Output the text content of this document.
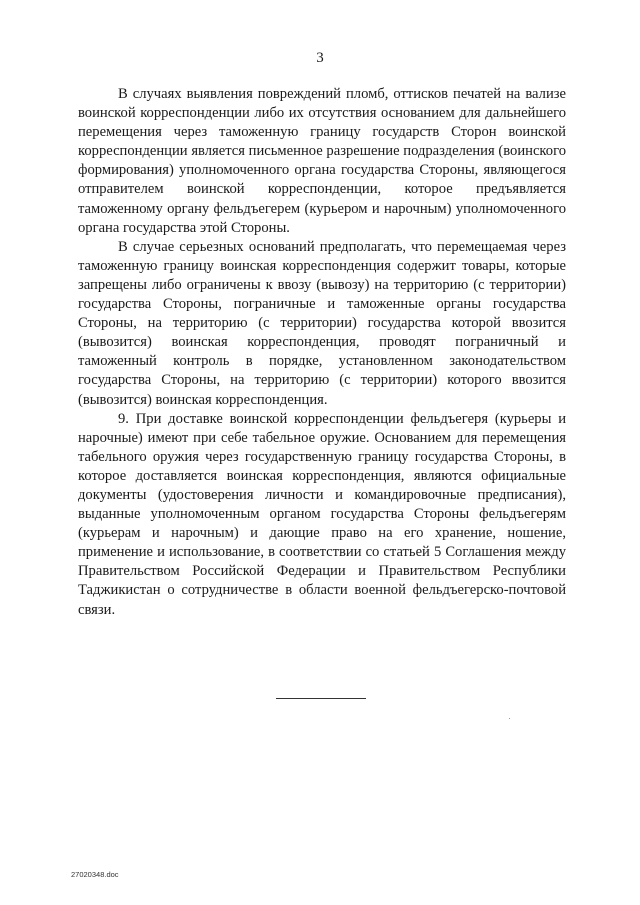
3

В случаях выявления повреждений пломб, оттисков печатей на вализе воинской корреспонденции либо их отсутствия основанием для дальнейшего перемещения через таможенную границу государств Сторон воинской корреспонденции является письменное разрешение подразделения (воинского формирования) уполномоченного органа государства Стороны, являющегося отправителем воинской корреспонденции, которое предъявляется таможенному органу фельдъегерем (курьером и нарочным) уполномоченного органа государства этой Стороны.

В случае серьезных оснований предполагать, что перемещаемая через таможенную границу воинская корреспонденция содержит товары, которые запрещены либо ограничены к ввозу (вывозу) на территорию (с территории) государства Стороны, пограничные и таможенные органы государства Стороны, на территорию (с территории) государства которой ввозится (вывозится) воинская корреспонденция, проводят пограничный и таможенный контроль в порядке, установленном законодательством государства Стороны, на территорию (с территории) которого ввозится (вывозится) воинская корреспонденция.

9. При доставке воинской корреспонденции фельдъегеря (курьеры и нарочные) имеют при себе табельное оружие. Основанием для перемещения табельного оружия через государственную границу государства Стороны, в которое доставляется воинская корреспонденция, являются официальные документы (удостоверения личности и командировочные предписания), выданные уполномоченным органом государства Стороны фельдъегерям (курьерам и нарочным) и дающие право на его хранение, ношение, применение и использование, в соответствии со статьей 5 Соглашения между Правительством Российской Федерации и Правительством Республики Таджикистан о сотрудничестве в области военной фельдъегерско-почтовой связи.

27020348.doc
